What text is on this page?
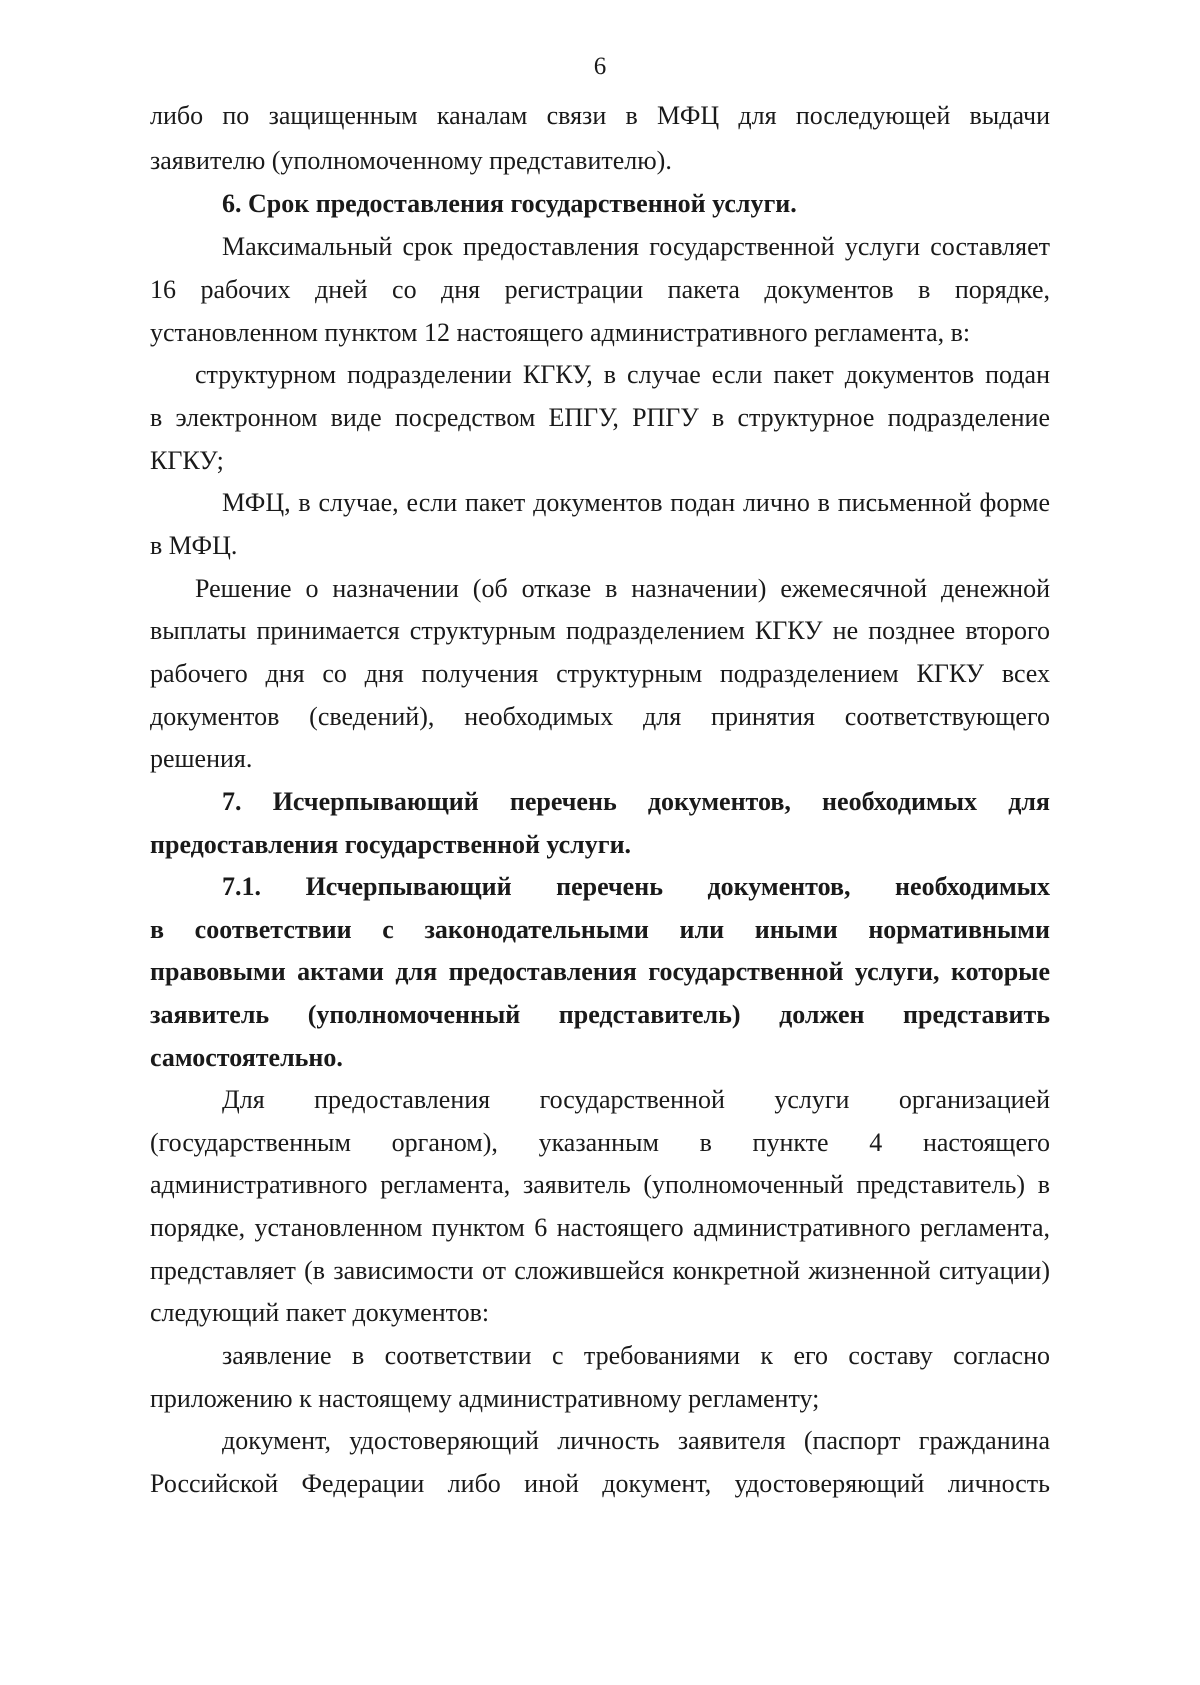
6
либо по защищенным каналам связи в МФЦ для последующей выдачи
заявителю (уполномоченному представителю).
6. Срок предоставления государственной услуги.
Максимальный срок предоставления государственной услуги составляет
16 рабочих дней со дня регистрации пакета документов в порядке,
установленном пунктом 12 настоящего административного регламента, в:
структурном подразделении КГКУ, в случае если пакет документов подан
в электронном виде посредством ЕПГУ, РПГУ в структурное подразделение
КГКУ;
МФЦ, в случае, если пакет документов подан лично в письменной форме
в МФЦ.
Решение о назначении (об отказе в назначении) ежемесячной денежной
выплаты принимается структурным подразделением КГКУ не позднее второго
рабочего дня со дня получения структурным подразделением КГКУ всех
документов (сведений), необходимых для принятия соответствующего
решения.
7. Исчерпывающий перечень документов, необходимых для
предоставления государственной услуги.
7.1. Исчерпывающий перечень документов, необходимых
в соответствии с законодательными или иными нормативными
правовыми актами для предоставления государственной услуги, которые
заявитель (уполномоченный представитель) должен представить
самостоятельно.
Для предоставления государственной услуги организацией
(государственным органом), указанным в пункте 4 настоящего
административного регламента, заявитель (уполномоченный представитель) в
порядке, установленном пунктом 6 настоящего административного регламента,
представляет (в зависимости от сложившейся конкретной жизненной ситуации)
следующий пакет документов:
заявление в соответствии с требованиями к его составу согласно
приложению к настоящему административному регламенту;
документ, удостоверяющий личность заявителя (паспорт гражданина
Российской Федерации либо иной документ, удостоверяющий личность
